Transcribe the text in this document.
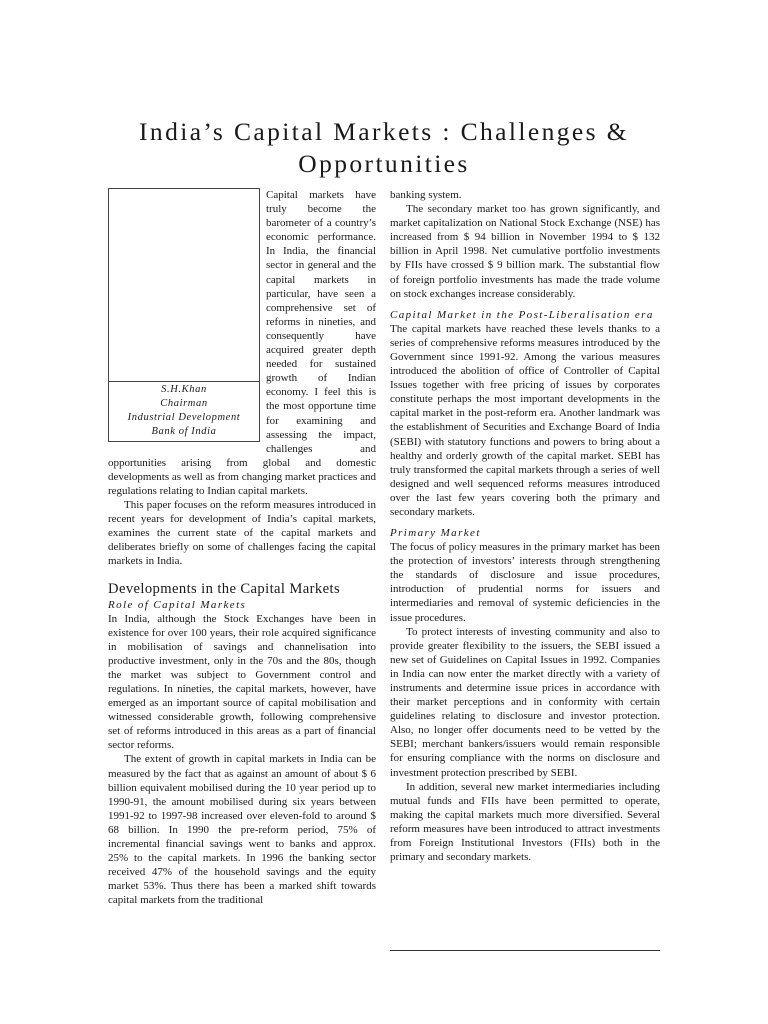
India’s Capital Markets : Challenges &
Opportunities
S.H.Khan
Chairman
Industrial Development
Bank of India

Capital markets have truly become the barometer of a country’s economic performance. In India, the financial sector in general and the capital markets in particular, have seen a comprehensive set of reforms in nineties, and consequently have acquired greater depth needed for sustained growth of Indian economy. I feel this is the most opportune time for examining and assessing the impact, challenges and opportunities arising from global and domestic developments as well as from changing market practices and regulations relating to Indian capital markets.

This paper focuses on the reform measures introduced in recent years for development of India’s capital markets, examines the current state of the capital markets and deliberates briefly on some of challenges facing the capital markets in India.

Developments in the Capital Markets
Role of Capital Markets

In India, although the Stock Exchanges have been in existence for over 100 years, their role acquired significance in mobilisation of savings and channelisation into productive investment, only in the 70s and the 80s, though the market was subject to Government control and regulations. In nineties, the capital markets, however, have emerged as an important source of capital mobilisation and witnessed considerable growth, following comprehensive set of reforms introduced in this areas as a part of financial sector reforms.

The extent of growth in capital markets in India can be measured by the fact that as against an amount of about $ 6 billion equivalent mobilised during the 10 year period up to 1990-91, the amount mobilised during six years between 1991-92 to 1997-98 increased over eleven-fold to around $ 68 billion. In 1990 the pre-reform period, 75% of incremental financial savings went to banks and approx. 25% to the capital markets. In 1996 the banking sector received 47% of the household savings and the equity market 53%. Thus there has been a marked shift towards capital markets from the traditional

banking system.

The secondary market too has grown significantly, and market capitalization on National Stock Exchange (NSE) has increased from $ 94 billion in November 1994 to $ 132 billion in April 1998. Net cumulative portfolio investments by FIIs have crossed $ 9 billion mark. The substantial flow of foreign portfolio investments has made the trade volume on stock exchanges increase considerably.

Capital Market in the Post-Liberalisation era

The capital markets have reached these levels thanks to a series of comprehensive reforms measures introduced by the Government since 1991-92. Among the various measures introduced the abolition of office of Controller of Capital Issues together with free pricing of issues by corporates constitute perhaps the most important developments in the capital market in the post-reform era. Another landmark was the establishment of Securities and Exchange Board of India (SEBI) with statutory functions and powers to bring about a healthy and orderly growth of the capital market. SEBI has truly transformed the capital markets through a series of well designed and well sequenced reforms measures introduced over the last few years covering both the primary and secondary markets.

Primary Market

The focus of policy measures in the primary market has been the protection of investors’ interests through strengthening the standards of disclosure and issue procedures, introduction of prudential norms for issuers and intermediaries and removal of systemic deficiencies in the issue procedures.

To protect interests of investing community and also to provide greater flexibility to the issuers, the SEBI issued a new set of Guidelines on Capital Issues in 1992. Companies in India can now enter the market directly with a variety of instruments and determine issue prices in accordance with their market perceptions and in conformity with certain guidelines relating to disclosure and investor protection. Also, no longer offer documents need to be vetted by the SEBI; merchant bankers/issuers would remain responsible for ensuring compliance with the norms on disclosure and investment protection prescribed by SEBI.

In addition, several new market intermediaries including mutual funds and FIIs have been permitted to operate, making the capital markets much more diversified. Several reform measures have been introduced to attract investments from Foreign Institutional Investors (FIIs) both in the primary and secondary markets.
